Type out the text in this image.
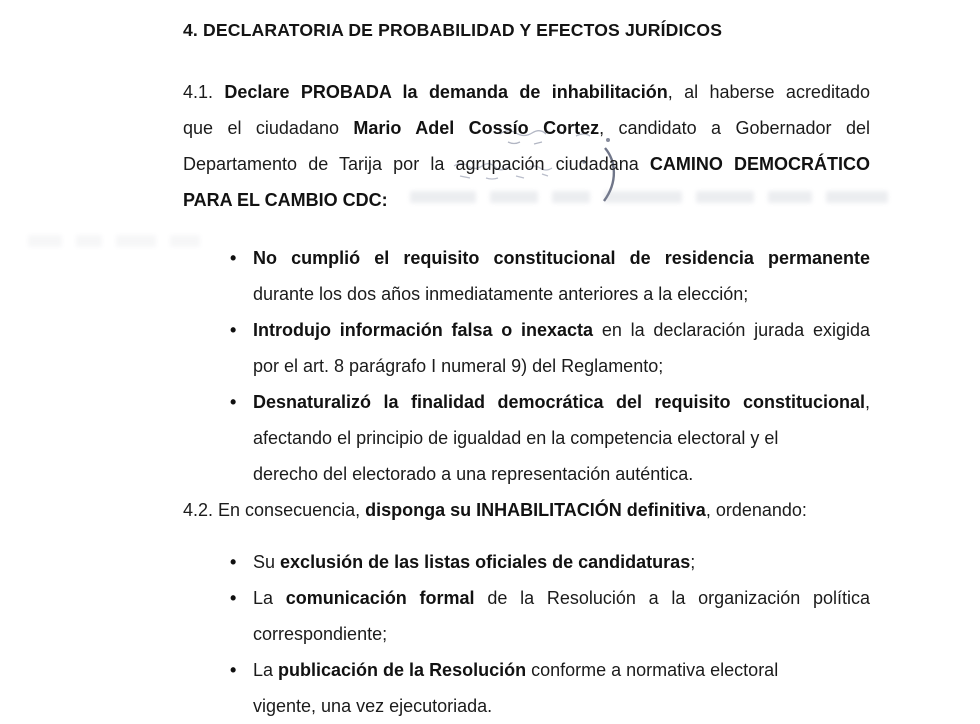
4. DECLARATORIA DE PROBABILIDAD Y EFECTOS JURÍDICOS
4.1. Declare PROBADA la demanda de inhabilitación, al haberse acreditado
que el ciudadano Mario Adel Cossío Cortez, candidato a Gobernador del
Departamento de Tarija por la agrupación ciudadana CAMINO DEMOCRÁTICO
PARA EL CAMBIO CDC:
• No cumplió el requisito constitucional de residencia permanente
durante los dos años inmediatamente anteriores a la elección;
• Introdujo información falsa o inexacta en la declaración jurada exigida
por el art. 8 parágrafo I numeral 9) del Reglamento;
• Desnaturalizó la finalidad democrática del requisito constitucional,
afectando el principio de igualdad en la competencia electoral y el
derecho del electorado a una representación auténtica.
4.2. En consecuencia, disponga su INHABILITACIÓN definitiva, ordenando:
• Su exclusión de las listas oficiales de candidaturas;
• La comunicación formal de la Resolución a la organización política
correspondiente;
• La publicación de la Resolución conforme a normativa electoral
vigente, una vez ejecutoriada.
